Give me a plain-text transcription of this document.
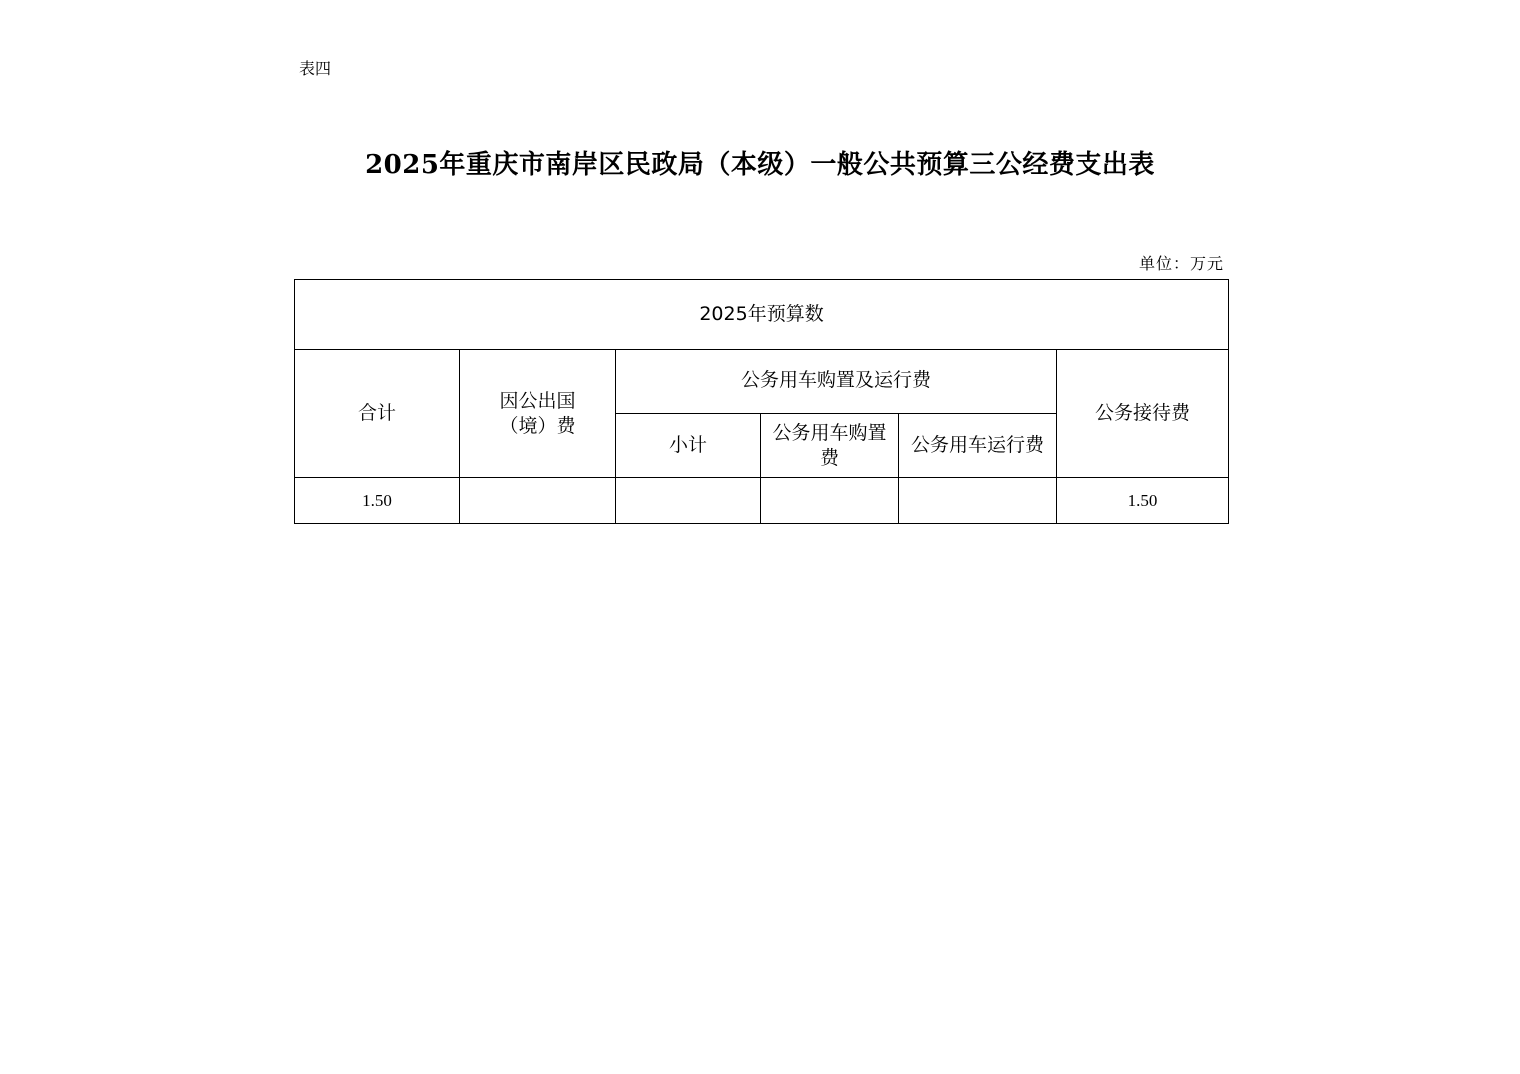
表四
2025年重庆市南岸区民政局（本级）一般公共预算三公经费支出表
单位：万元
2025年预算数					
合计	因公出国（境）费	公务用车购置及运行费			公务接待费
		小计	公务用车购置费	公务用车运行费	
1.50					1.50
